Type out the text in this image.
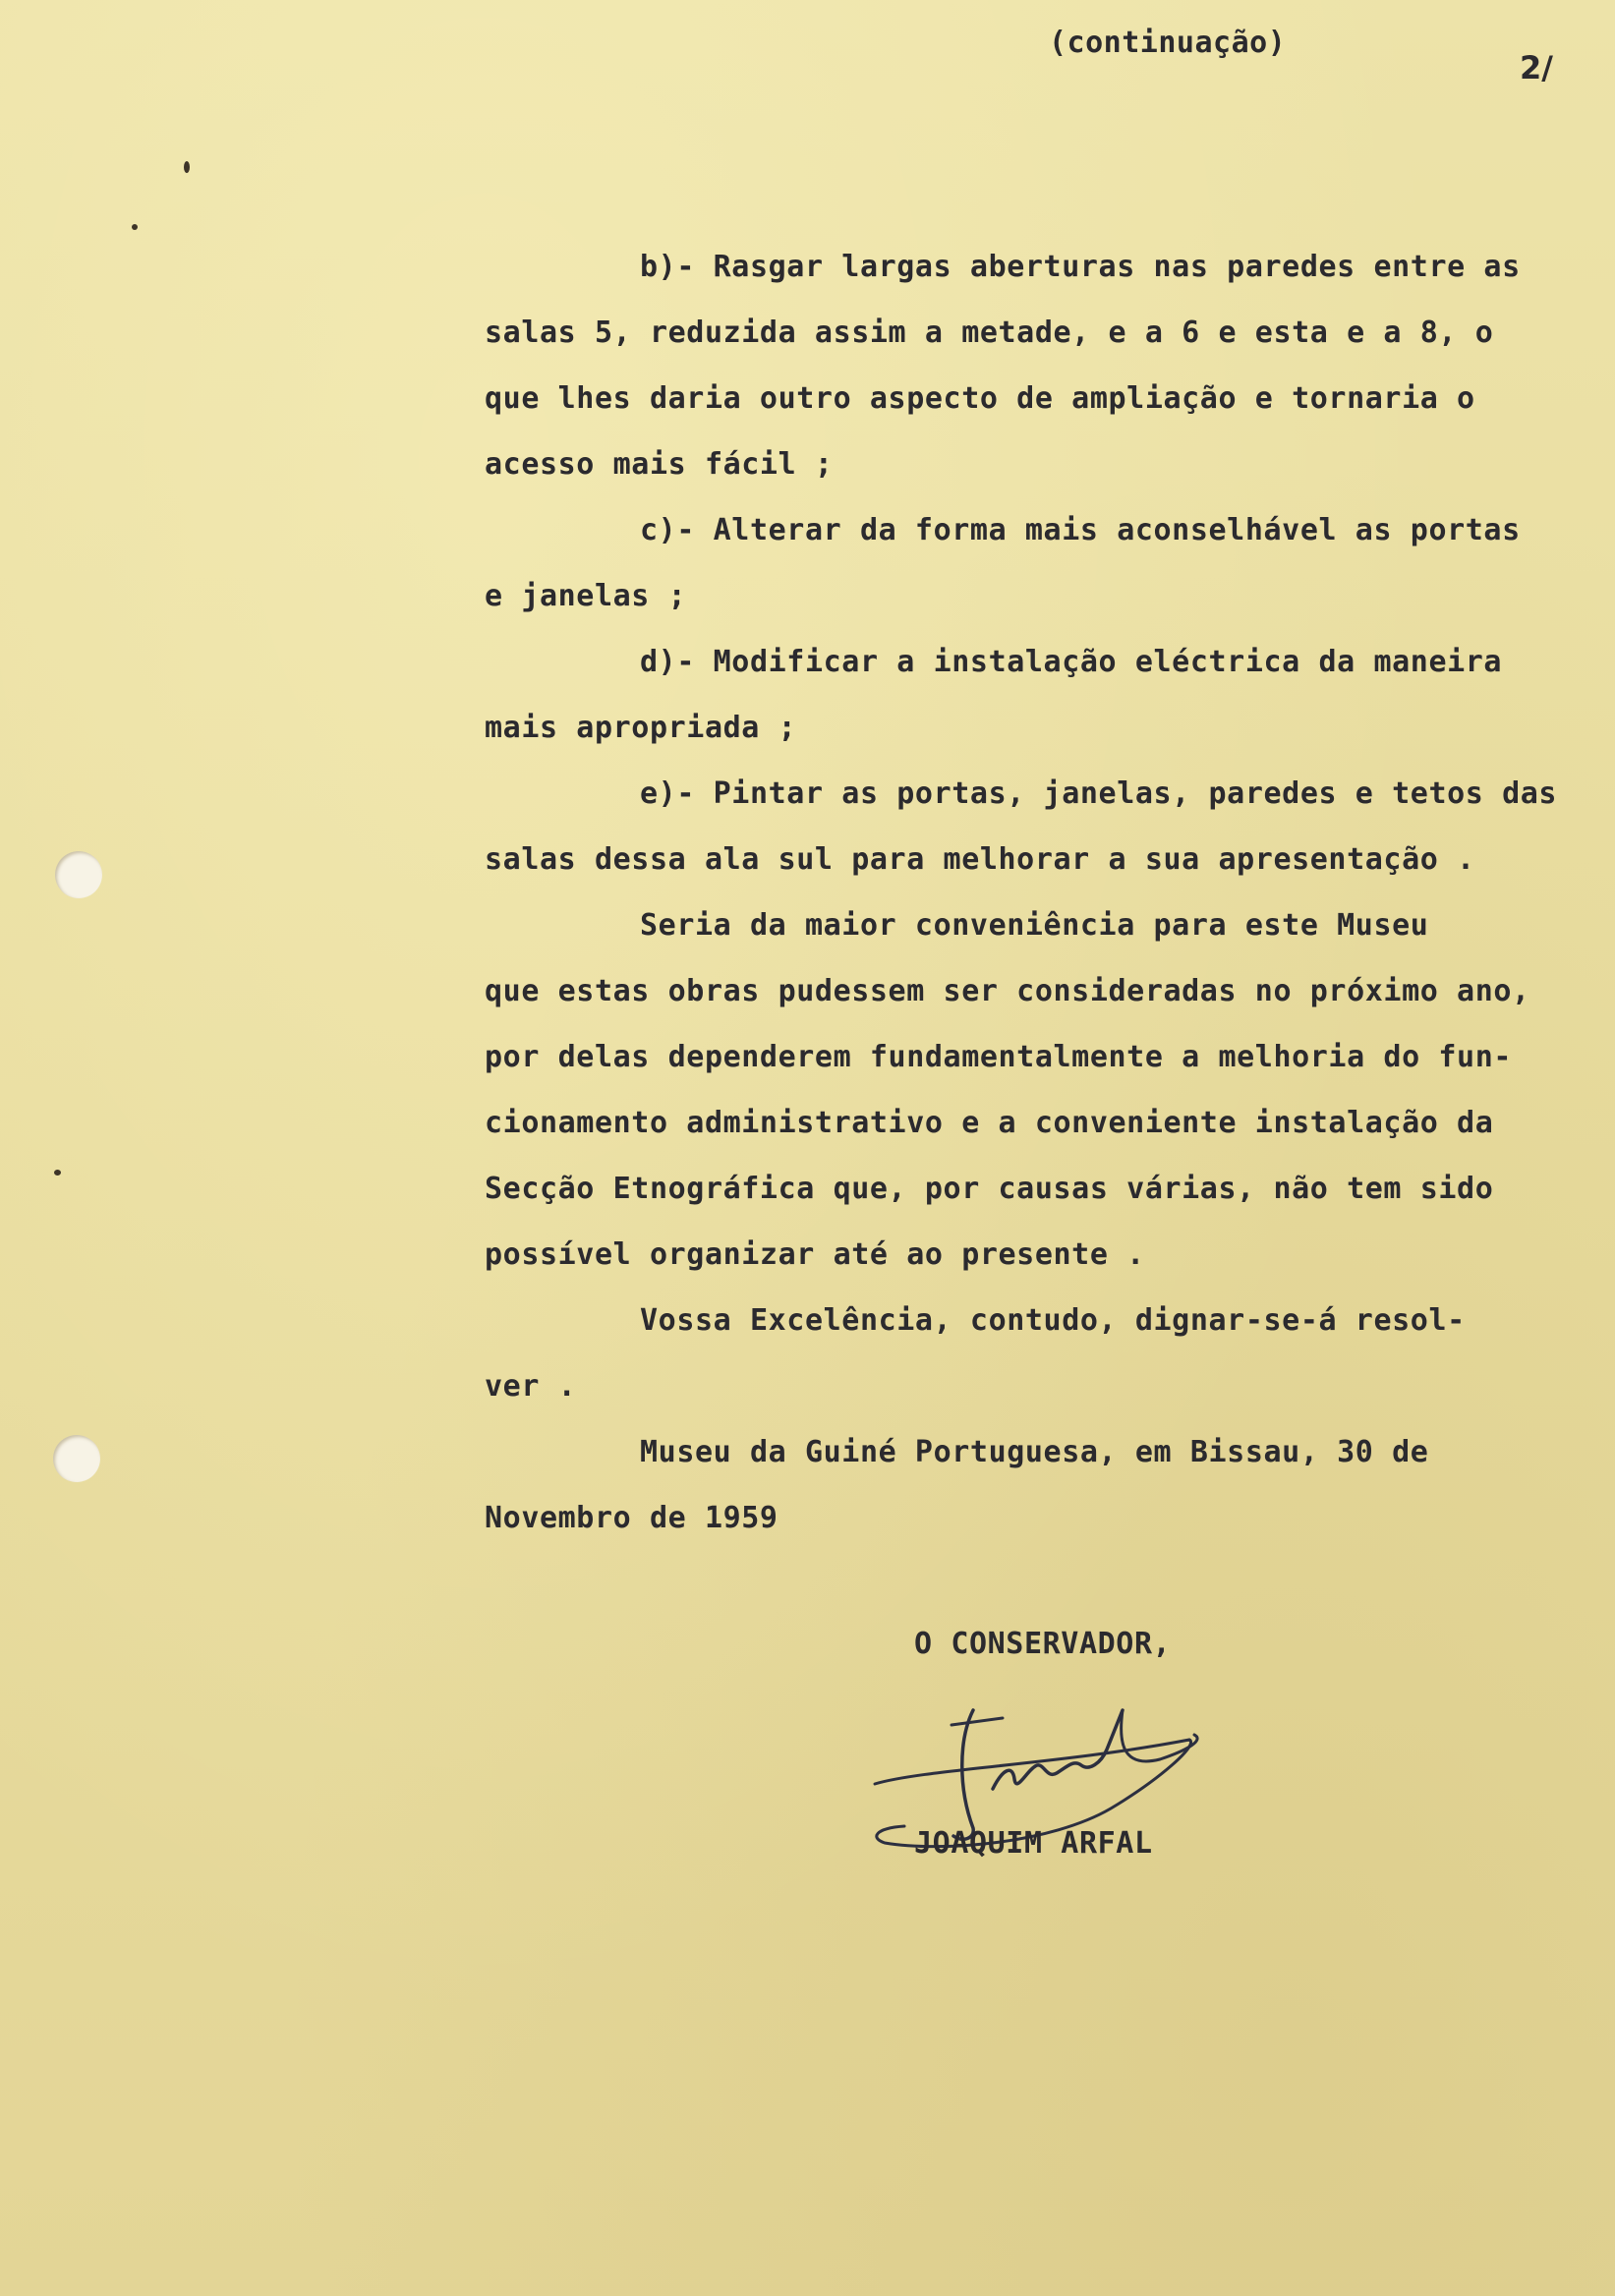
(continuação)
2/
b)- Rasgar largas aberturas nas paredes entre as
salas 5, reduzida assim a metade, e a 6 e esta e a 8, o
que lhes daria outro aspecto de ampliação e tornaria o
acesso mais fácil ;
c)- Alterar da forma mais aconselhável as portas
e janelas ;
d)- Modificar a instalação eléctrica da maneira
mais apropriada ;
e)- Pintar as portas, janelas, paredes e tetos das
salas dessa ala sul para melhorar a sua apresentação .
Seria da maior conveniência para este Museu
que estas obras pudessem ser consideradas no próximo ano,
por delas dependerem fundamentalmente a melhoria do fun-
cionamento administrativo e a conveniente instalação da
Secção Etnográfica que, por causas várias, não tem sido
possível organizar até ao presente .
Vossa Excelência, contudo, dignar-se-á resol-
ver .
Museu da Guiné Portuguesa, em Bissau, 30 de
Novembro de 1959
O CONSERVADOR,
JOAQUIM ARFAL
